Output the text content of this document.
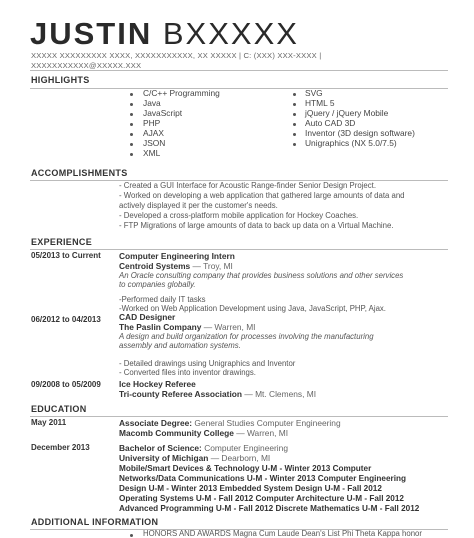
JUSTIN BXXXXX
XXXXX XXXXXXXXX XXXX, XXXXXXXXXXX, XX XXXXX | C: (XXX) XXX-XXXX |
XXXXXXXXXXX@XXXXX.XXX
HIGHLIGHTS
C/C++ Programming
Java
JavaScript
PHP
AJAX
JSON
XML
SVG
HTML 5
jQuery / jQuery Mobile
Auto CAD 3D
Inventor (3D design software)
Unigraphics (NX 5.0/7.5)
ACCOMPLISHMENTS
- Created a GUI Interface for Acoustic Range-finder Senior Design Project.
- Worked on developing a web application that gathered large amounts of data and
actively displayed it per the customer's needs.
- Developed a cross-platform mobile application for Hockey Coaches.
- FTP Migrations of large amounts of data to back up data on a Virtual Machine.
EXPERIENCE
05/2013 to Current Computer Engineering Intern
Centroid Systems — Troy, MI
An Oracle consulting company that provides business solutions and other services
to companies globally.
-Performed daily IT tasks
-Worked on Web Application Development using Java, JavaScript, PHP, Ajax.
06/2012 to 04/2013 CAD Designer
The Paslin Company — Warren, MI
A design and build organization for processes involving the manufacturing
assembly and automation systems.
- Detailed drawings using Unigraphics and Inventor
- Converted files into inventor drawings.
09/2008 to 05/2009 Ice Hockey Referee
Tri-county Referee Association — Mt. Clemens, MI
EDUCATION
May 2011	Associate Degree: General Studies Computer Engineering
Macomb Community College — Warren, MI
December 2013	Bachelor of Science: Computer Engineering
University of Michigan — Dearborn, MI
Mobile/Smart Devices & Technology U-M - Winter 2013 Computer
Networks/Data Communications U-M - Winter 2013 Computer Engineering
Design U-M - Winter 2013 Embedded System Design U-M - Fall 2012
Operating Systems U-M - Fall 2012 Computer Architecture U-M - Fall 2012
Advanced Programming U-M - Fall 2012 Discrete Mathematics U-M - Fall 2012
ADDITIONAL INFORMATION
HONORS AND AWARDS Magna Cum Laude Dean's List Phi Theta Kappa honor
